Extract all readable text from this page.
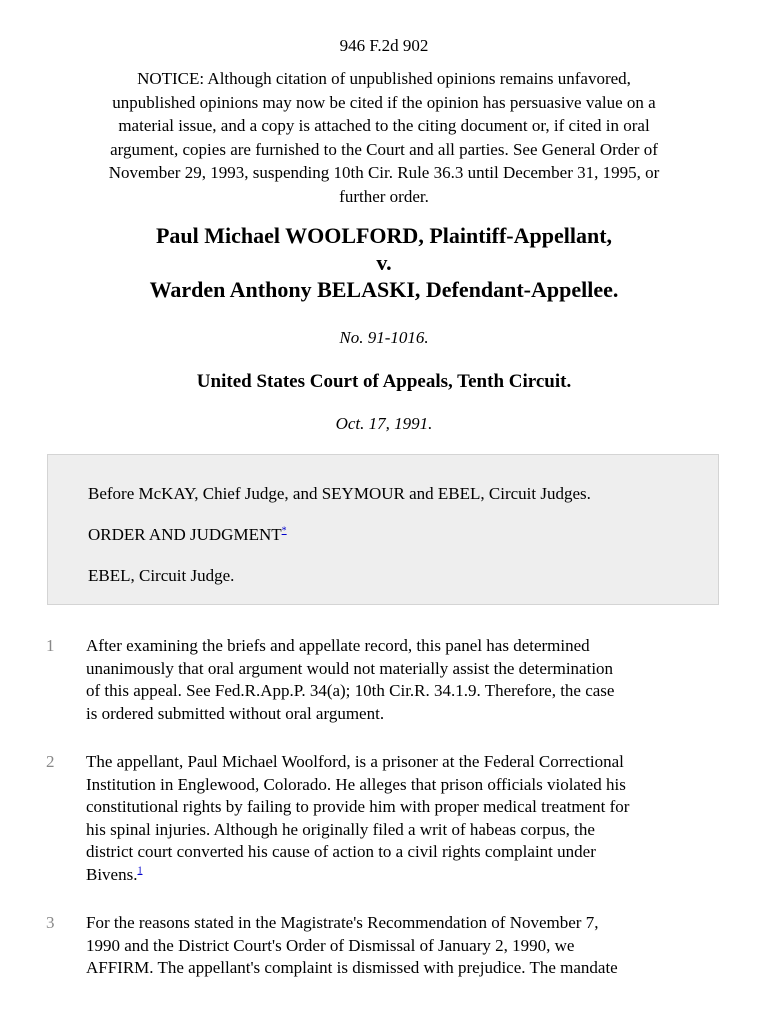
946 F.2d 902
NOTICE: Although citation of unpublished opinions remains unfavored,
unpublished opinions may now be cited if the opinion has persuasive value on a
material issue, and a copy is attached to the citing document or, if cited in oral
argument, copies are furnished to the Court and all parties. See General Order of
November 29, 1993, suspending 10th Cir. Rule 36.3 until December 31, 1995, or
further order.
Paul Michael WOOLFORD, Plaintiff-Appellant,
v.
Warden Anthony BELASKI, Defendant-Appellee.
No. 91-1016.
United States Court of Appeals, Tenth Circuit.
Oct. 17, 1991.
Before McKAY, Chief Judge, and SEYMOUR and EBEL, Circuit Judges.
ORDER AND JUDGMENT*
EBEL, Circuit Judge.
1 After examining the briefs and appellate record, this panel has determined
unanimously that oral argument would not materially assist the determination
of this appeal. See Fed.R.App.P. 34(a); 10th Cir.R. 34.1.9. Therefore, the case
is ordered submitted without oral argument.
2 The appellant, Paul Michael Woolford, is a prisoner at the Federal Correctional
Institution in Englewood, Colorado. He alleges that prison officials violated his
constitutional rights by failing to provide him with proper medical treatment for
his spinal injuries. Although he originally filed a writ of habeas corpus, the
district court converted his cause of action to a civil rights complaint under
Bivens.$^1$
3 For the reasons stated in the Magistrate's Recommendation of November 7,
1990 and the District Court's Order of Dismissal of January 2, 1990, we
AFFIRM. The appellant's complaint is dismissed with prejudice. The mandate
